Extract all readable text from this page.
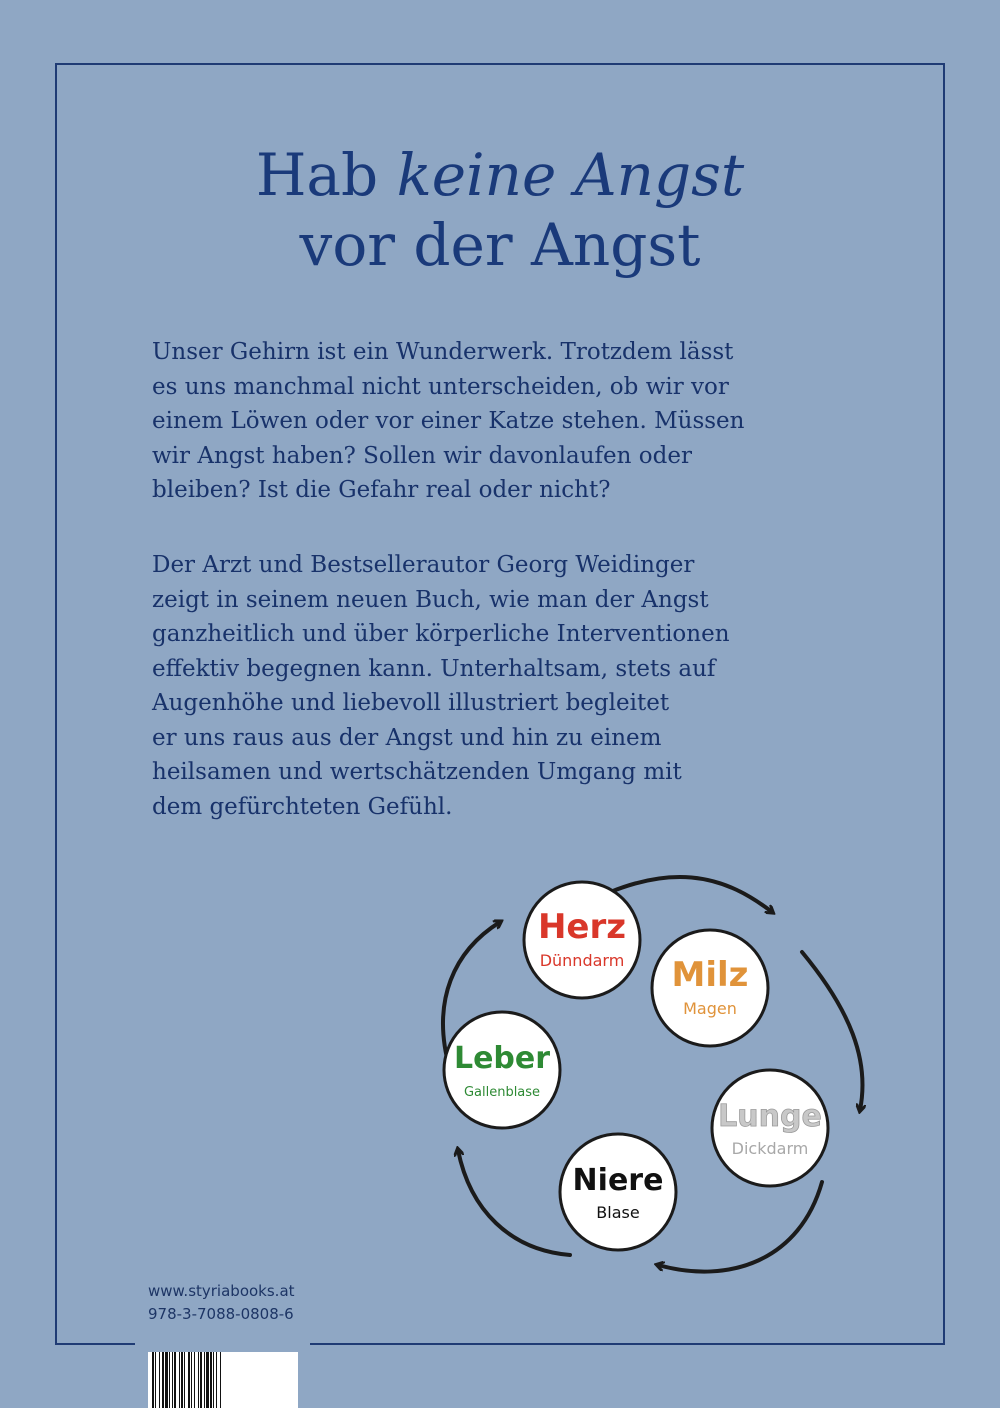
Hab keine Angst
vor der Angst
Unser Gehirn ist ein Wunderwerk. Trotzdem lässt
es uns manchmal nicht unterscheiden, ob wir vor
einem Löwen oder vor einer Katze stehen. Müssen
wir Angst haben? Sollen wir davonlaufen oder
bleiben? Ist die Gefahr real oder nicht?
Der Arzt und Bestsellerautor Georg Weidinger
zeigt in seinem neuen Buch, wie man der Angst
ganzheitlich und über körperliche Interventionen
effektiv begegnen kann. Unterhaltsam, stets auf
Augenhöhe und liebevoll illustriert begleitet
er uns raus aus der Angst und hin zu einem
heilsamen und wertschätzenden Umgang mit
dem gefürchteten Gefühl.
Herz
Dünndarm Milz
Magen
Lunge
Dickdarm
Niere
Blase
Leber
Gallenblase
www.styriabooks.at
978-3-7088-0808-6
